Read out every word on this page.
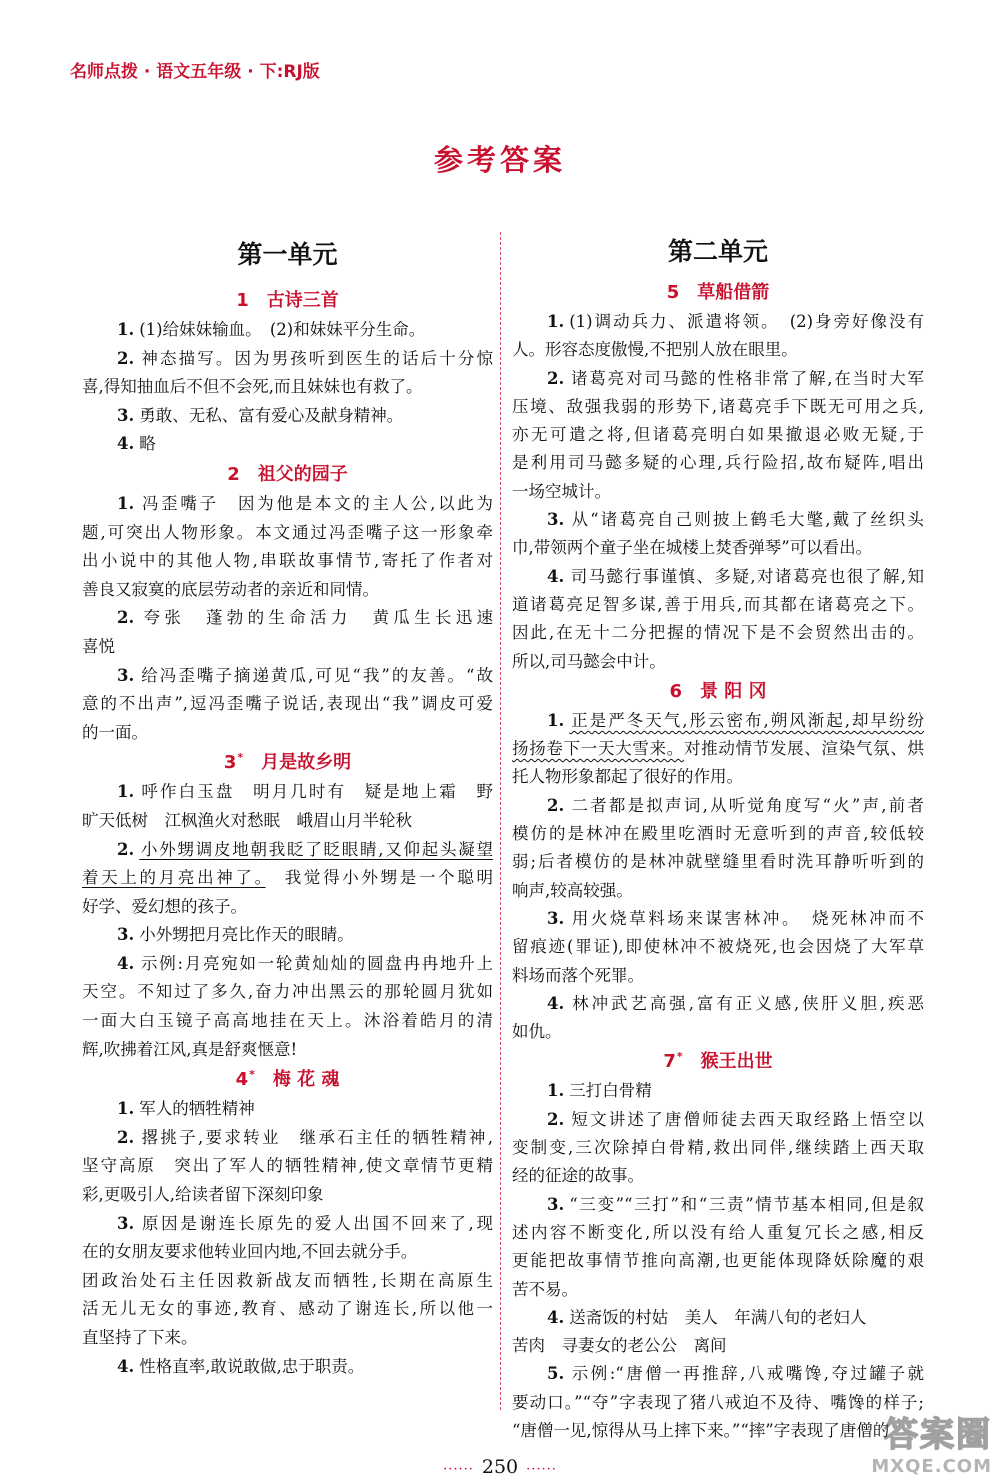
名师点拨 · 语文五年级 · 下:RJ版
参考答案
第一单元
1 古诗三首
1. (1)给妹妹输血。　(2)和妹妹平分生命。
2. 神态描写。因为男孩听到医生的话后十分惊
喜,得知抽血后不但不会死,而且妹妹也有救了。
3. 勇敢、无私、富有爱心及献身精神。
4. 略
2 祖父的园子
1. 冯歪嘴子　因为他是本文的主人公,以此为
题,可突出人物形象。本文通过冯歪嘴子这一形象牵
出小说中的其他人物,串联故事情节,寄托了作者对
善良又寂寞的底层劳动者的亲近和同情。
2. 夸张　蓬勃的生命活力　黄瓜生长迅速
喜悦
3. 给冯歪嘴子摘递黄瓜,可见“我”的友善。“故
意的不出声”,逗冯歪嘴子说话,表现出“我”调皮可爱
的一面。
3* 月是故乡明
1. 呼作白玉盘　明月几时有　疑是地上霜　野
旷天低树　江枫渔火对愁眠　峨眉山月半轮秋
2. 小外甥调皮地朝我眨了眨眼睛,又仰起头凝望
着天上的月亮出神了。　我觉得小外甥是一个聪明
好学、爱幻想的孩子。
3. 小外甥把月亮比作天的眼睛。
4. 示例:月亮宛如一轮黄灿灿的圆盘冉冉地升上
天空。不知过了多久,奋力冲出黑云的那轮圆月犹如
一面大白玉镜子高高地挂在天上。沐浴着皓月的清
辉,吹拂着江风,真是舒爽惬意!
4* 梅 花 魂
1. 军人的牺牲精神
2. 撂挑子,要求转业　继承石主任的牺牲精神,
坚守高原　突出了军人的牺牲精神,使文章情节更精
彩,更吸引人,给读者留下深刻印象
3. 原因是谢连长原先的爱人出国不回来了,现
在的女朋友要求他转业回内地,不回去就分手。
团政治处石主任因救新战友而牺牲,长期在高原生
活无儿无女的事迹,教育、感动了谢连长,所以他一
直坚持了下来。
4. 性格直率,敢说敢做,忠于职责。
第二单元
5 草船借箭
1. (1)调动兵力、派遣将领。　(2)身旁好像没有
人。形容态度傲慢,不把别人放在眼里。
2. 诸葛亮对司马懿的性格非常了解,在当时大军
压境、敌强我弱的形势下,诸葛亮手下既无可用之兵,
亦无可遣之将,但诸葛亮明白如果撤退必败无疑,于
是利用司马懿多疑的心理,兵行险招,故布疑阵,唱出
一场空城计。
3. 从“诸葛亮自己则披上鹤毛大氅,戴了丝织头
巾,带领两个童子坐在城楼上焚香弹琴”可以看出。
4. 司马懿行事谨慎、多疑,对诸葛亮也很了解,知
道诸葛亮足智多谋,善于用兵,而其都在诸葛亮之下。
因此,在无十二分把握的情况下是不会贸然出击的。
所以,司马懿会中计。
6 景 阳 冈
1. 正是严冬天气,彤云密布,朔风渐起,却早纷纷
扬扬卷下一天大雪来。对推动情节发展、渲染气氛、烘
托人物形象都起了很好的作用。
2. 二者都是拟声词,从听觉角度写“火”声,前者
模仿的是林冲在殿里吃酒时无意听到的声音,较低较
弱;后者模仿的是林冲就壁缝里看时洗耳静听听到的
响声,较高较强。
3. 用火烧草料场来谋害林冲。　烧死林冲而不
留痕迹(罪证),即使林冲不被烧死,也会因烧了大军草
料场而落个死罪。
4. 林冲武艺高强,富有正义感,侠肝义胆,疾恶
如仇。
7* 猴王出世
1. 三打白骨精
2. 短文讲述了唐僧师徒去西天取经路上悟空以
变制变,三次除掉白骨精,救出同伴,继续踏上西天取
经的征途的故事。
3. “三变”“三打”和“三责”情节基本相同,但是叙
述内容不断变化,所以没有给人重复冗长之感,相反
更能把故事情节推向高潮,也更能体现降妖除魔的艰
苦不易。
4. 送斋饭的村姑　美人　年满八旬的老妇人
苦肉　寻妻女的老公公　离间
5. 示例:“唐僧一再推辞,八戒嘴馋,夺过罐子就
要动口。”“夺”字表现了猪八戒迫不及待、嘴馋的样子;
“唐僧一见,惊得从马上摔下来。”“摔”字表现了唐僧的
······ 250 ······
答案圈
MXQE.COM
